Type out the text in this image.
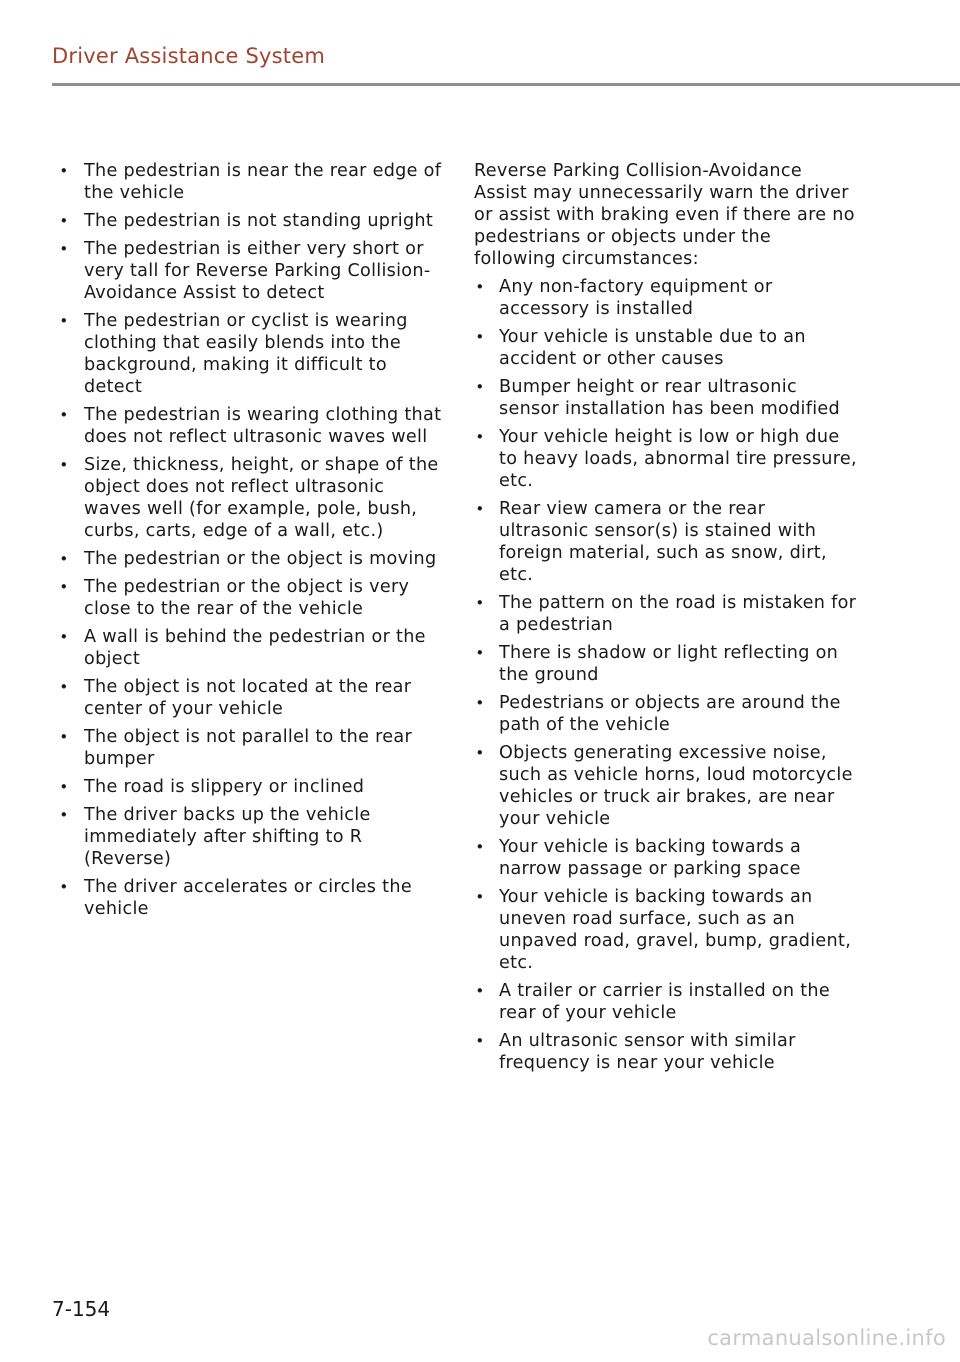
Driver Assistance System
• The pedestrian is near the rear edge of the vehicle
• The pedestrian is not standing upright
• The pedestrian is either very short or very tall for Reverse Parking Collision-Avoidance Assist to detect
• The pedestrian or cyclist is wearing clothing that easily blends into the background, making it difficult to detect
• The pedestrian is wearing clothing that does not reflect ultrasonic waves well
• Size, thickness, height, or shape of the object does not reflect ultrasonic waves well (for example, pole, bush, curbs, carts, edge of a wall, etc.)
• The pedestrian or the object is moving
• The pedestrian or the object is very close to the rear of the vehicle
• A wall is behind the pedestrian or the object
• The object is not located at the rear center of your vehicle
• The object is not parallel to the rear bumper
• The road is slippery or inclined
• The driver backs up the vehicle immediately after shifting to R (Reverse)
• The driver accelerates or circles the vehicle

Reverse Parking Collision-Avoidance Assist may unnecessarily warn the driver or assist with braking even if there are no pedestrians or objects under the following circumstances:

• Any non-factory equipment or accessory is installed
• Your vehicle is unstable due to an accident or other causes
• Bumper height or rear ultrasonic sensor installation has been modified
• Your vehicle height is low or high due to heavy loads, abnormal tire pressure, etc.
• Rear view camera or the rear ultrasonic sensor(s) is stained with foreign material, such as snow, dirt, etc.
• The pattern on the road is mistaken for a pedestrian
• There is shadow or light reflecting on the ground
• Pedestrians or objects are around the path of the vehicle
• Objects generating excessive noise, such as vehicle horns, loud motorcycle vehicles or truck air brakes, are near your vehicle
• Your vehicle is backing towards a narrow passage or parking space
• Your vehicle is backing towards an uneven road surface, such as an unpaved road, gravel, bump, gradient, etc.
• A trailer or carrier is installed on the rear of your vehicle
• An ultrasonic sensor with similar frequency is near your vehicle
7-154
carmanualsonline.info
